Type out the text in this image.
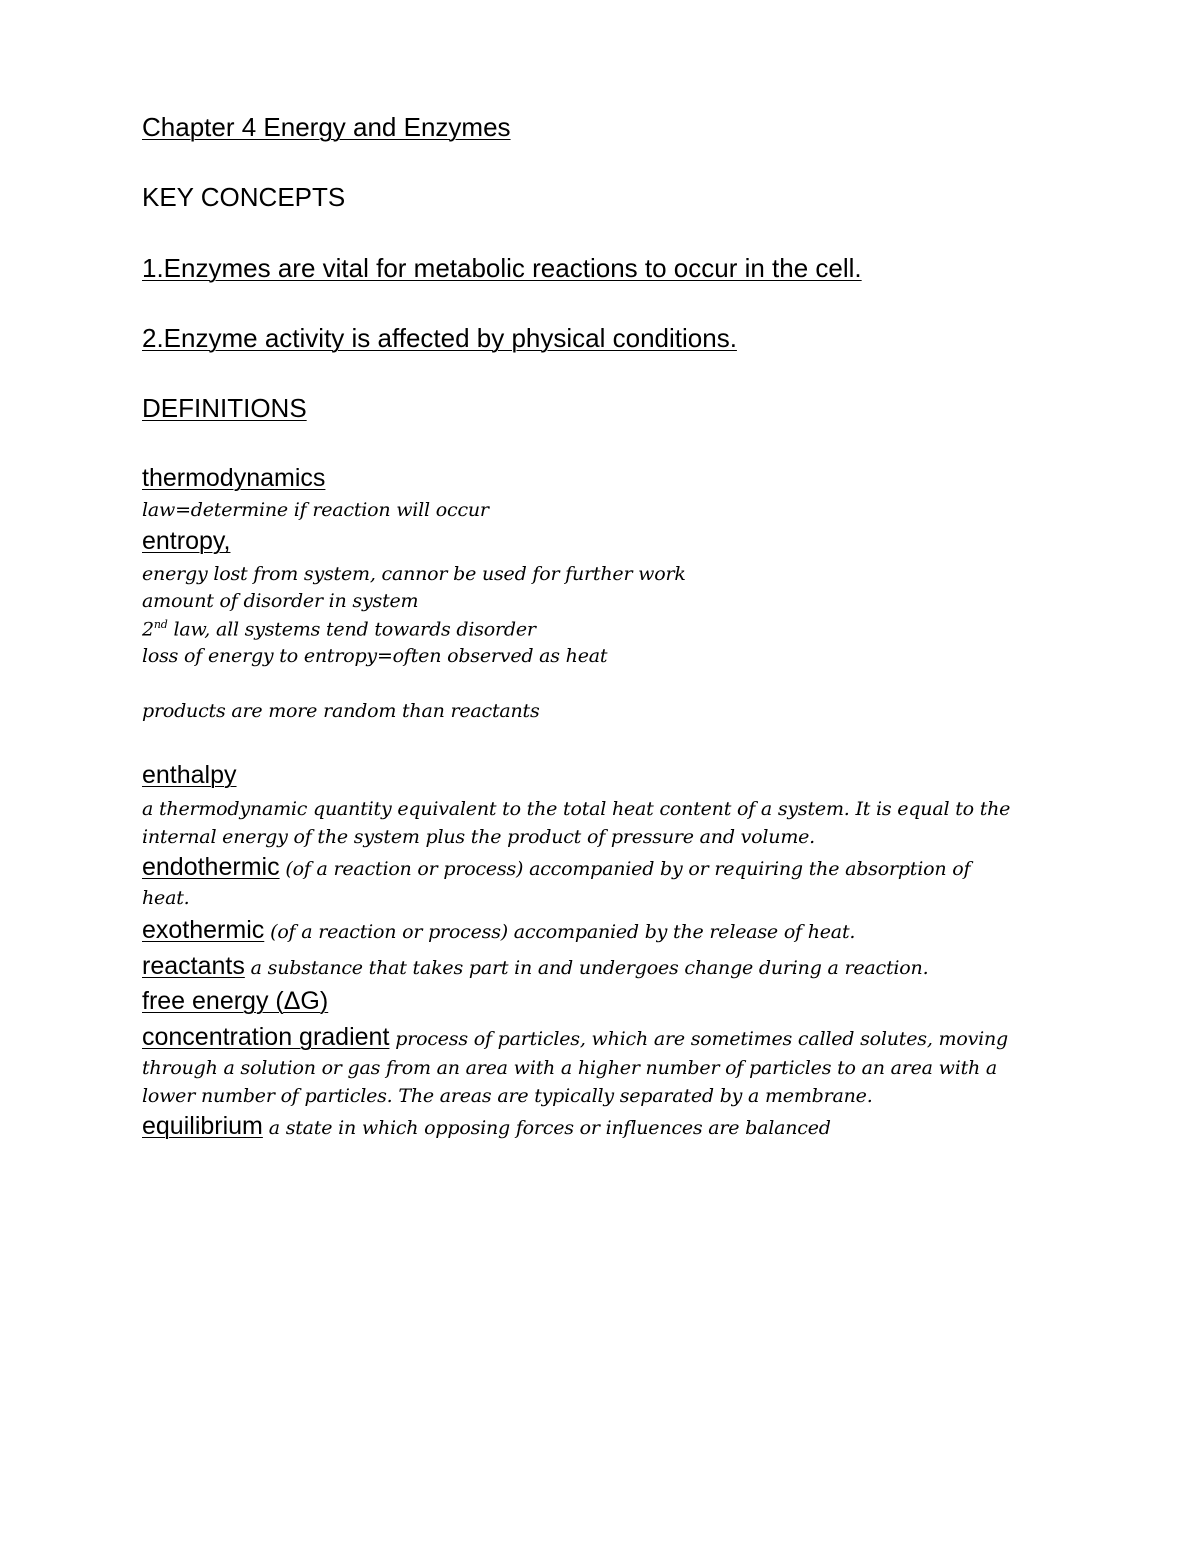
Chapter 4 Energy and Enzymes
KEY CONCEPTS
1.Enzymes are vital for metabolic reactions to occur in the cell.
2.Enzyme activity is affected by physical conditions.
DEFINITIONS
thermodynamics
law=determine if reaction will occur
entropy,
energy lost from system, cannor be used for further work
amount of disorder in system
2nd law, all systems tend towards disorder
loss of energy to entropy=often observed as heat
products are more random than reactants
enthalpy
a thermodynamic quantity equivalent to the total heat content of a system. It is equal to the
internal energy of the system plus the product of pressure and volume.
endothermic (of a reaction or process) accompanied by or requiring the absorption of
heat.
exothermic (of a reaction or process) accompanied by the release of heat.
reactants a substance that takes part in and undergoes change during a reaction.
free energy (ΔG)
concentration gradient process of particles, which are sometimes called solutes, moving
through a solution or gas from an area with a higher number of particles to an area with a
lower number of particles. The areas are typically separated by a membrane.
equilibrium a state in which opposing forces or influences are balanced
